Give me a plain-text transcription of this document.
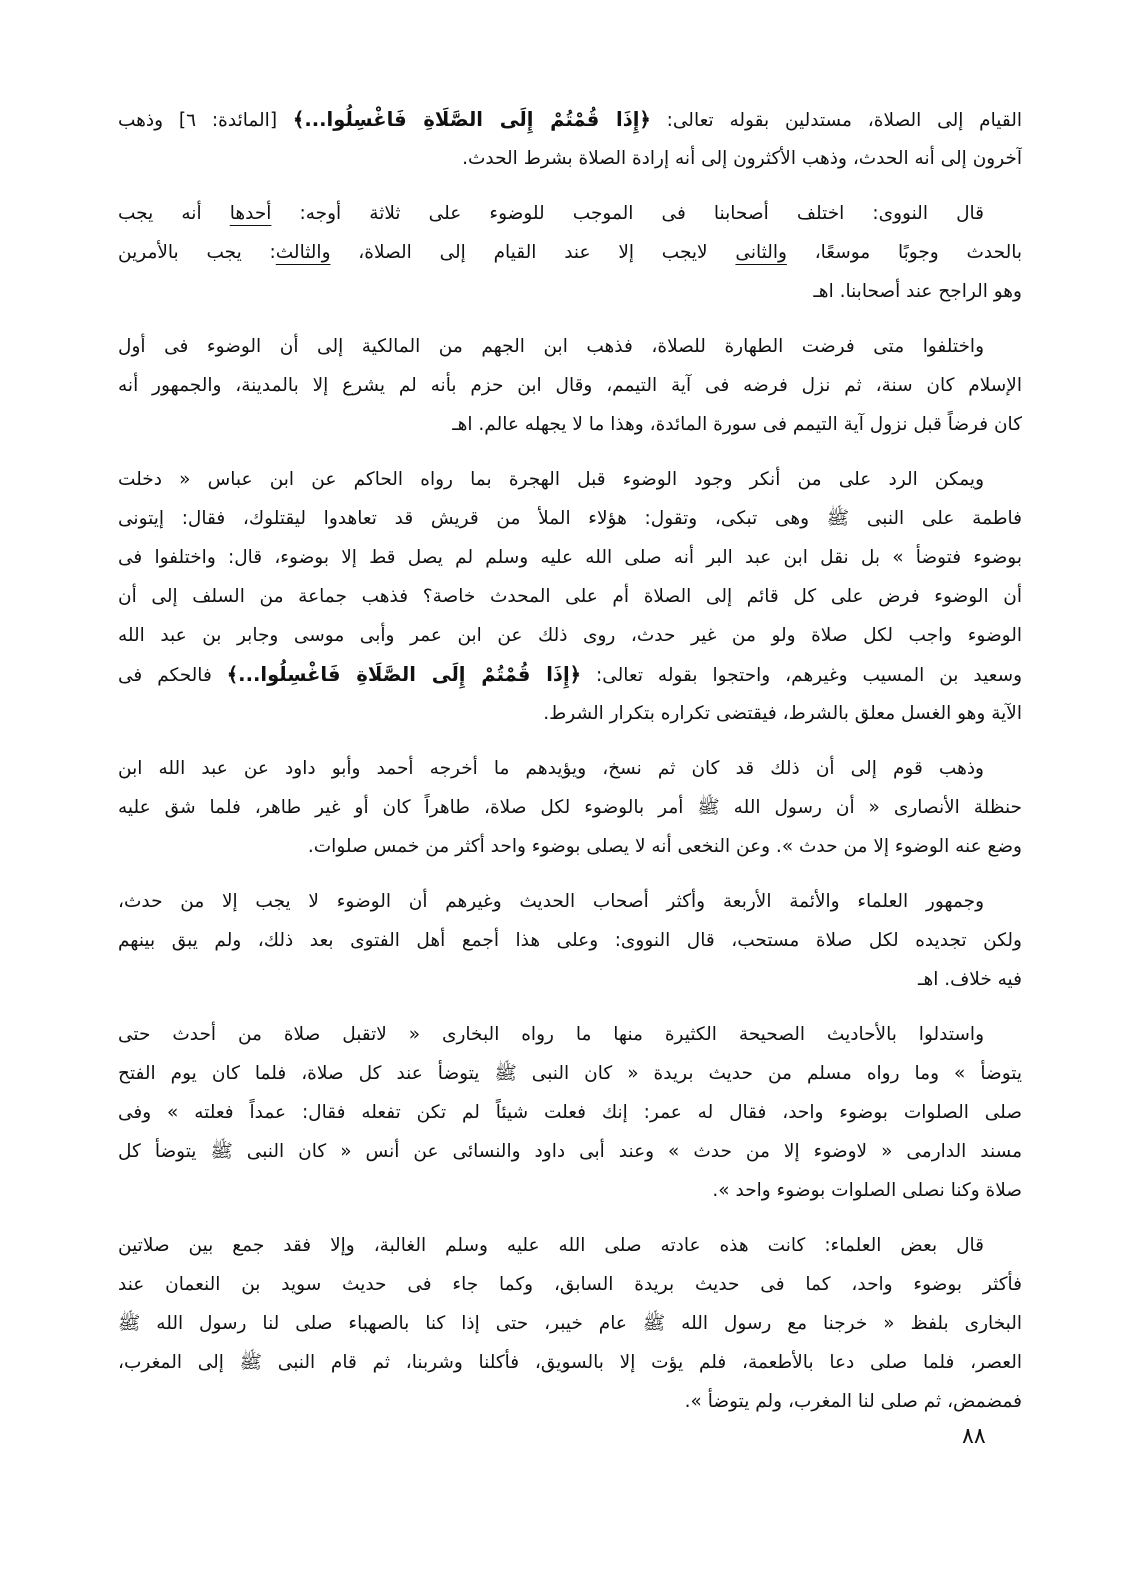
القيام إلى الصلاة، مستدلين بقوله تعالى: ﴿إِذَا قُمْتُمْ إِلَى الصَّلَاةِ فَاغْسِلُوا...﴾ [المائدة: ٦] وذهب
آخرون إلى أنه الحدث، وذهب الأكثرون إلى أنه إرادة الصلاة بشرط الحدث.
قال النووى: اختلف أصحابنا فى الموجب للوضوء على ثلاثة أوجه: أحدها أنه يجب
بالحدث وجوبًا موسعًا، والثانى لايجب إلا عند القيام إلى الصلاة، والثالث: يجب بالأمرين
وهو الراجح عند أصحابنا. اهـ
واختلفوا متى فرضت الطهارة للصلاة، فذهب ابن الجهم من المالكية إلى أن الوضوء فى أول
الإسلام كان سنة، ثم نزل فرضه فى آية التيمم، وقال ابن حزم بأنه لم يشرع إلا بالمدينة، والجمهور أنه
كان فرضاً قبل نزول آية التيمم فى سورة المائدة، وهذا ما لا يجهله عالم. اهـ
ويمكن الرد على من أنكر وجود الوضوء قبل الهجرة بما رواه الحاكم عن ابن عباس « دخلت
فاطمة على النبى ﷺ وهى تبكى، وتقول: هؤلاء الملأ من قريش قد تعاهدوا ليقتلوك، فقال: إيتونى
بوضوء فتوضأ » بل نقل ابن عبد البر أنه صلى الله عليه وسلم لم يصل قط إلا بوضوء، قال: واختلفوا فى
أن الوضوء فرض على كل قائم إلى الصلاة أم على المحدث خاصة؟ فذهب جماعة من السلف إلى أن
الوضوء واجب لكل صلاة ولو من غير حدث، روى ذلك عن ابن عمر وأبى موسى وجابر بن عبد الله
وسعيد بن المسيب وغيرهم، واحتجوا بقوله تعالى: ﴿إِذَا قُمْتُمْ إِلَى الصَّلَاةِ فَاغْسِلُوا...﴾ فالحكم فى
الآية وهو الغسل معلق بالشرط، فيقتضى تكراره بتكرار الشرط.
وذهب قوم إلى أن ذلك قد كان ثم نسخ، ويؤيدهم ما أخرجه أحمد وأبو داود عن عبد الله ابن
حنظلة الأنصارى « أن رسول الله ﷺ أمر بالوضوء لكل صلاة، طاهراً كان أو غير طاهر، فلما شق عليه
وضع عنه الوضوء إلا من حدث ». وعن النخعى أنه لا يصلى بوضوء واحد أكثر من خمس صلوات.
وجمهور العلماء والأئمة الأربعة وأكثر أصحاب الحديث وغيرهم أن الوضوء لا يجب إلا من حدث،
ولكن تجديده لكل صلاة مستحب، قال النووى: وعلى هذا أجمع أهل الفتوى بعد ذلك، ولم يبق بينهم
فيه خلاف. اهـ
واستدلوا بالأحاديث الصحيحة الكثيرة منها ما رواه البخارى « لاتقبل صلاة من أحدث حتى
يتوضأ » وما رواه مسلم من حديث بريدة « كان النبى ﷺ يتوضأ عند كل صلاة، فلما كان يوم الفتح
صلى الصلوات بوضوء واحد، فقال له عمر: إنك فعلت شيئاً لم تكن تفعله فقال: عمداً فعلته » وفى
مسند الدارمى « لاوضوء إلا من حدث » وعند أبى داود والنسائى عن أنس « كان النبى ﷺ يتوضأ كل
صلاة وكنا نصلى الصلوات بوضوء واحد ».
قال بعض العلماء: كانت هذه عادته صلى الله عليه وسلم الغالبة، وإلا فقد جمع بين صلاتين
فأكثر بوضوء واحد، كما فى حديث بريدة السابق، وكما جاء فى حديث سويد بن النعمان عند
البخارى بلفظ « خرجنا مع رسول الله ﷺ عام خيبر، حتى إذا كنا بالصهباء صلى لنا رسول الله ﷺ
العصر، فلما صلى دعا بالأطعمة، فلم يؤت إلا بالسويق، فأكلنا وشربنا، ثم قام النبى ﷺ إلى المغرب،
فمضمض، ثم صلى لنا المغرب، ولم يتوضأ ».
٨٨
